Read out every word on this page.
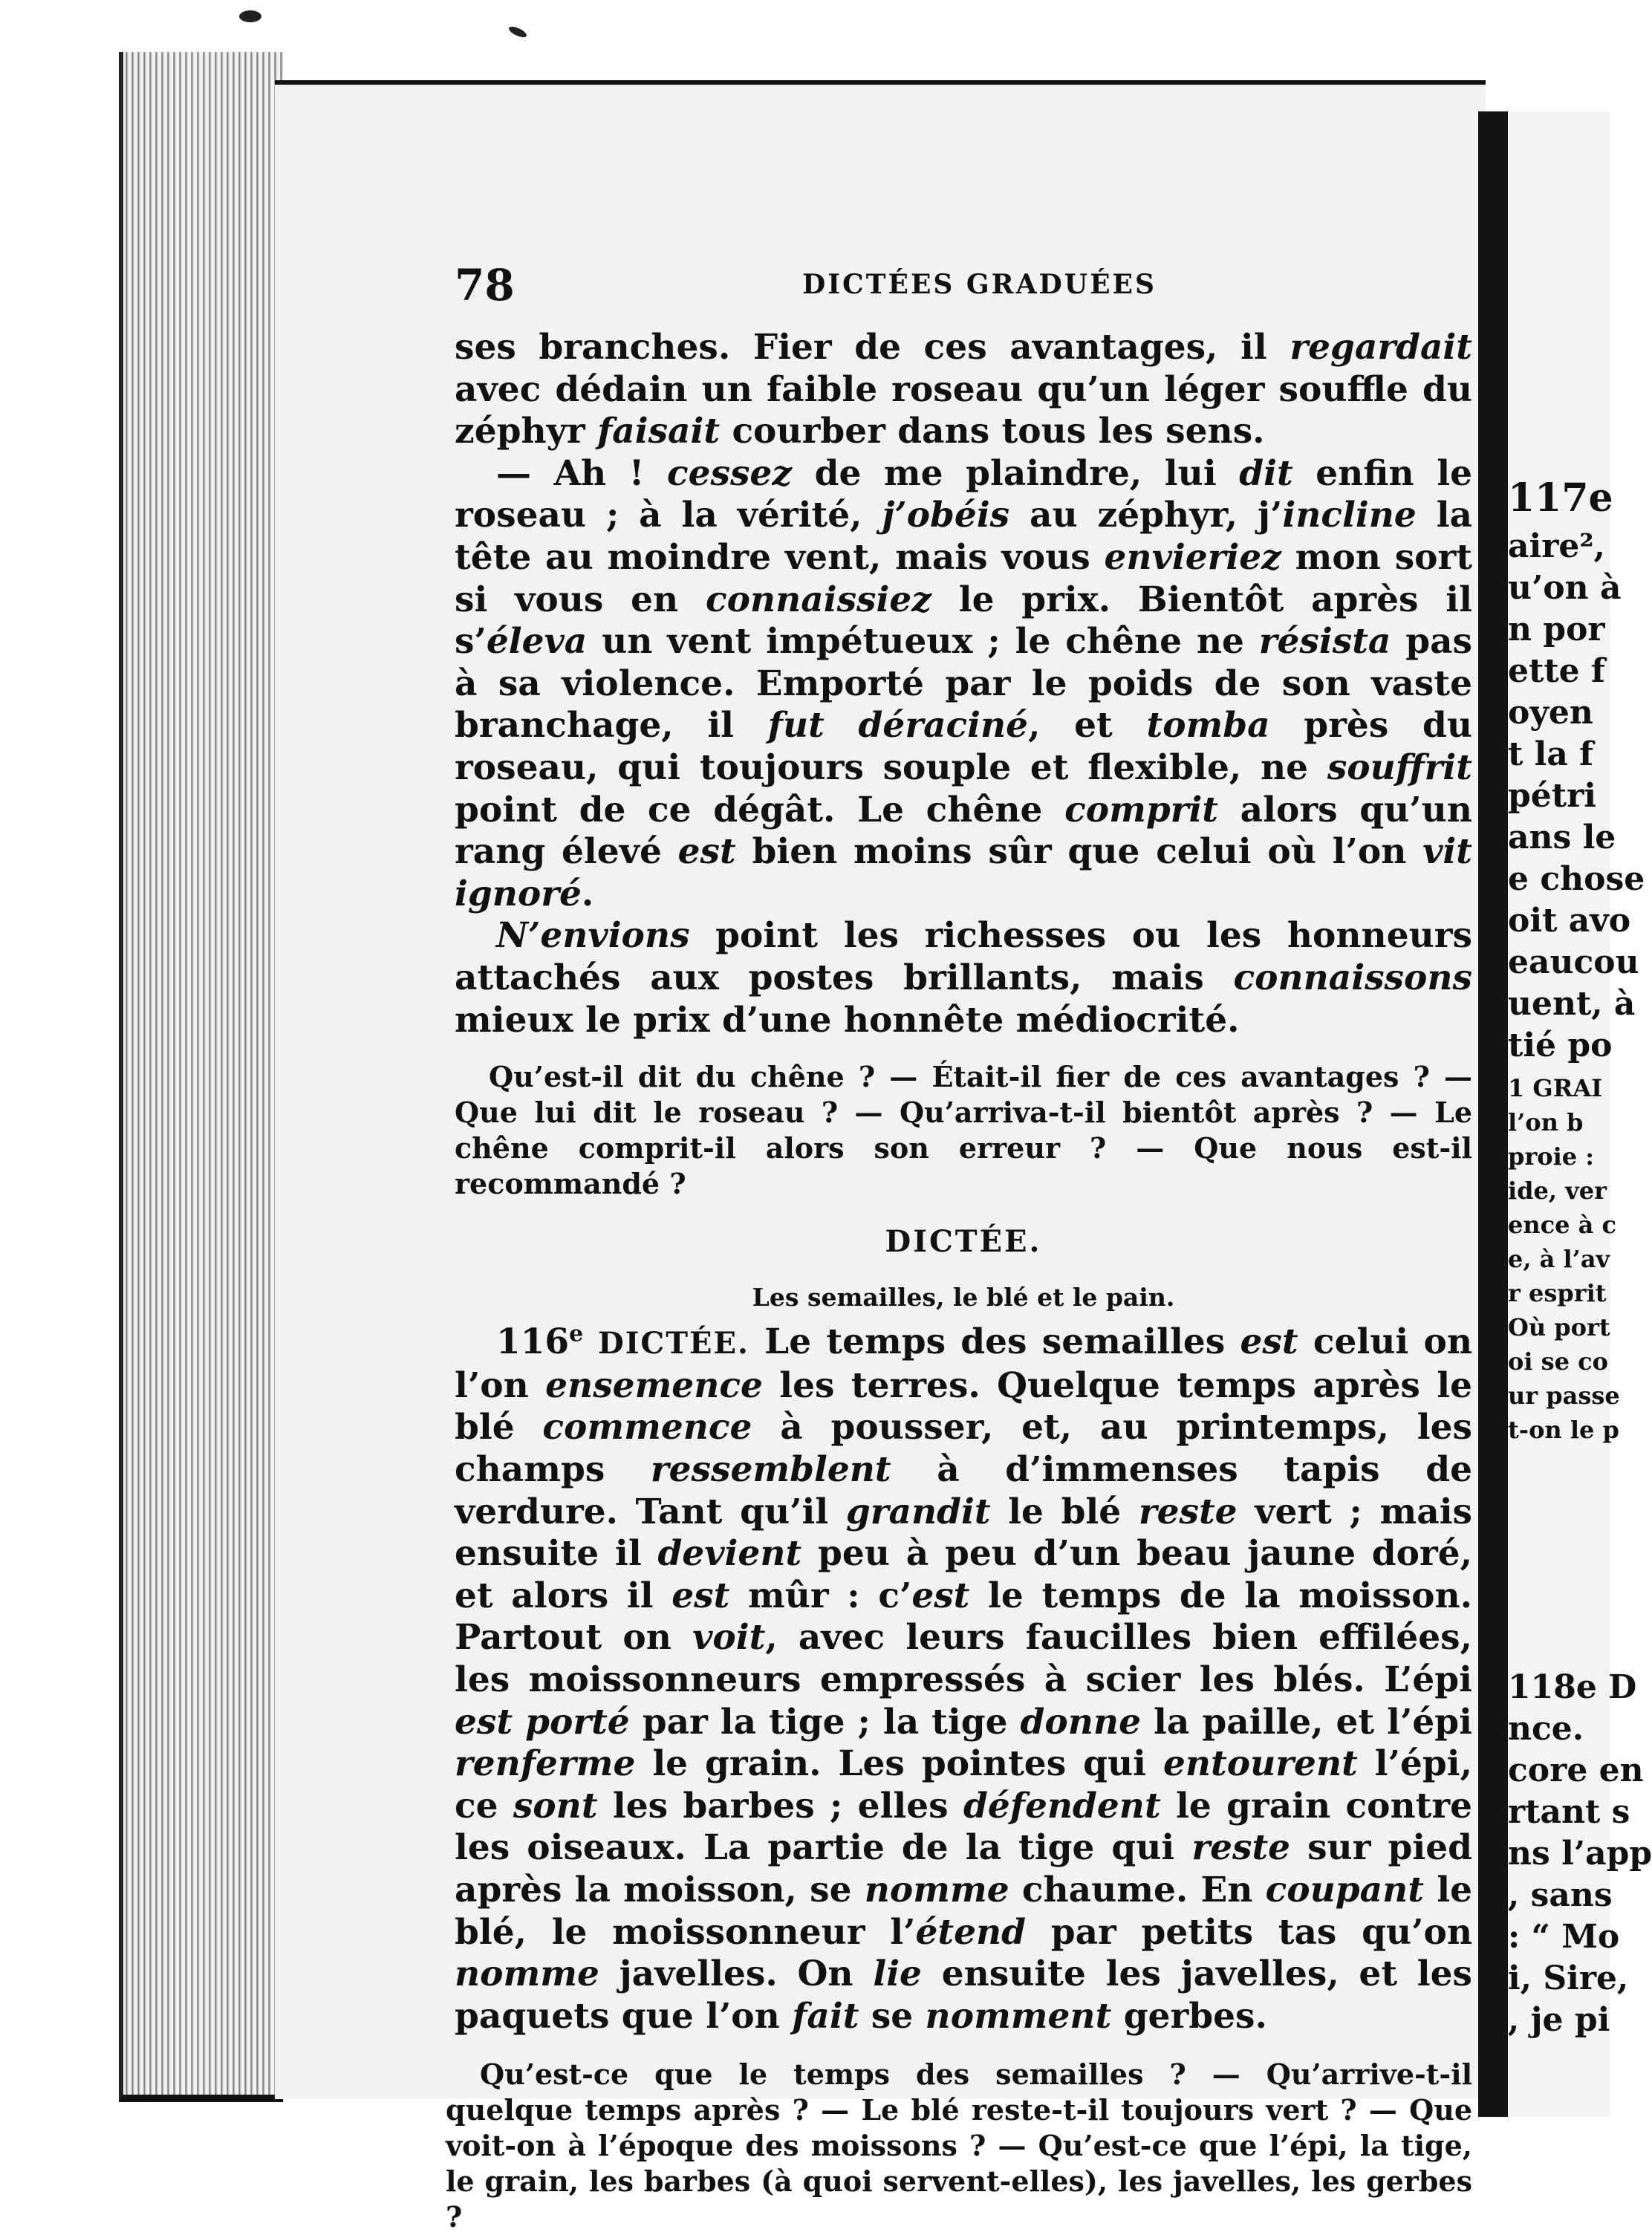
117e
aire²,
u’on à
n por
ette f
oyen
t la f
pétri
ans le
e chose
oit avo
eaucou
uent, à
tié po
1 GRAI
l’on b
proie :
ide, ver
ence à c
e, à l’av
r esprit
Où port
oi se co
ur passe
t-on le p
118e D
nce.
core en
rtant s
ns l’app
, sans
: “ Mo
i, Sire,
, je pi
78	DICTÉES GRADUÉES

ses branches. Fier de ces avantages, il regardait avec dédain un faible roseau qu’un léger souffle du zéphyr faisait courber dans tous les sens.

— Ah ! cessez de me plaindre, lui dit enfin le roseau ; à la vérité, j’obéis au zéphyr, j’incline la tête au moindre vent, mais vous envieriez mon sort si vous en connaissiez le prix. Bientôt après il s’éleva un vent impétueux ; le chêne ne résista pas à sa violence. Emporté par le poids de son vaste branchage, il fut déraciné, et tomba près du roseau, qui toujours souple et flexible, ne souffrit point de ce dégât. Le chêne comprit alors qu’un rang élevé est bien moins sûr que celui où l’on vit ignoré.

N’envions point les richesses ou les honneurs attachés aux postes brillants, mais connaissons mieux le prix d’une honnête médiocrité.

Qu’est-il dit du chêne ? — Était-il fier de ces avantages ? — Que lui dit le roseau ? — Qu’arriva-t-il bientôt après ? — Le chêne comprit-il alors son erreur ? — Que nous est-il recommandé ?

DICTÉE.

Les semailles, le blé et le pain.

116e DICTÉE. Le temps des semailles est celui on l’on ensemence les terres. Quelque temps après le blé commence à pousser, et, au printemps, les champs ressemblent à d’immenses tapis de verdure. Tant qu’il grandit le blé reste vert ; mais ensuite il devient peu à peu d’un beau jaune doré, et alors il est mûr : c’est le temps de la moisson. Partout on voit, avec leurs faucilles bien effilées, les moissonneurs empressés à scier les blés. L’épi est porté par la tige ; la tige donne la paille, et l’épi renferme le grain. Les pointes qui entourent l’épi, ce sont les barbes ; elles défendent le grain contre les oiseaux. La partie de la tige qui reste sur pied après la moisson, se nomme chaume. En coupant le blé, le moissonneur l’étend par petits tas qu’on nomme javelles. On lie ensuite les javelles, et les paquets que l’on fait se nomment gerbes.

Qu’est-ce que le temps des semailles ? — Qu’arrive-t-il quelque temps après ? — Le blé reste-t-il toujours vert ? — Que voit-on à l’époque des moissons ? — Qu’est-ce que l’épi, la tige, le grain, les barbes (à quoi servent-elles), les javelles, les gerbes ?
